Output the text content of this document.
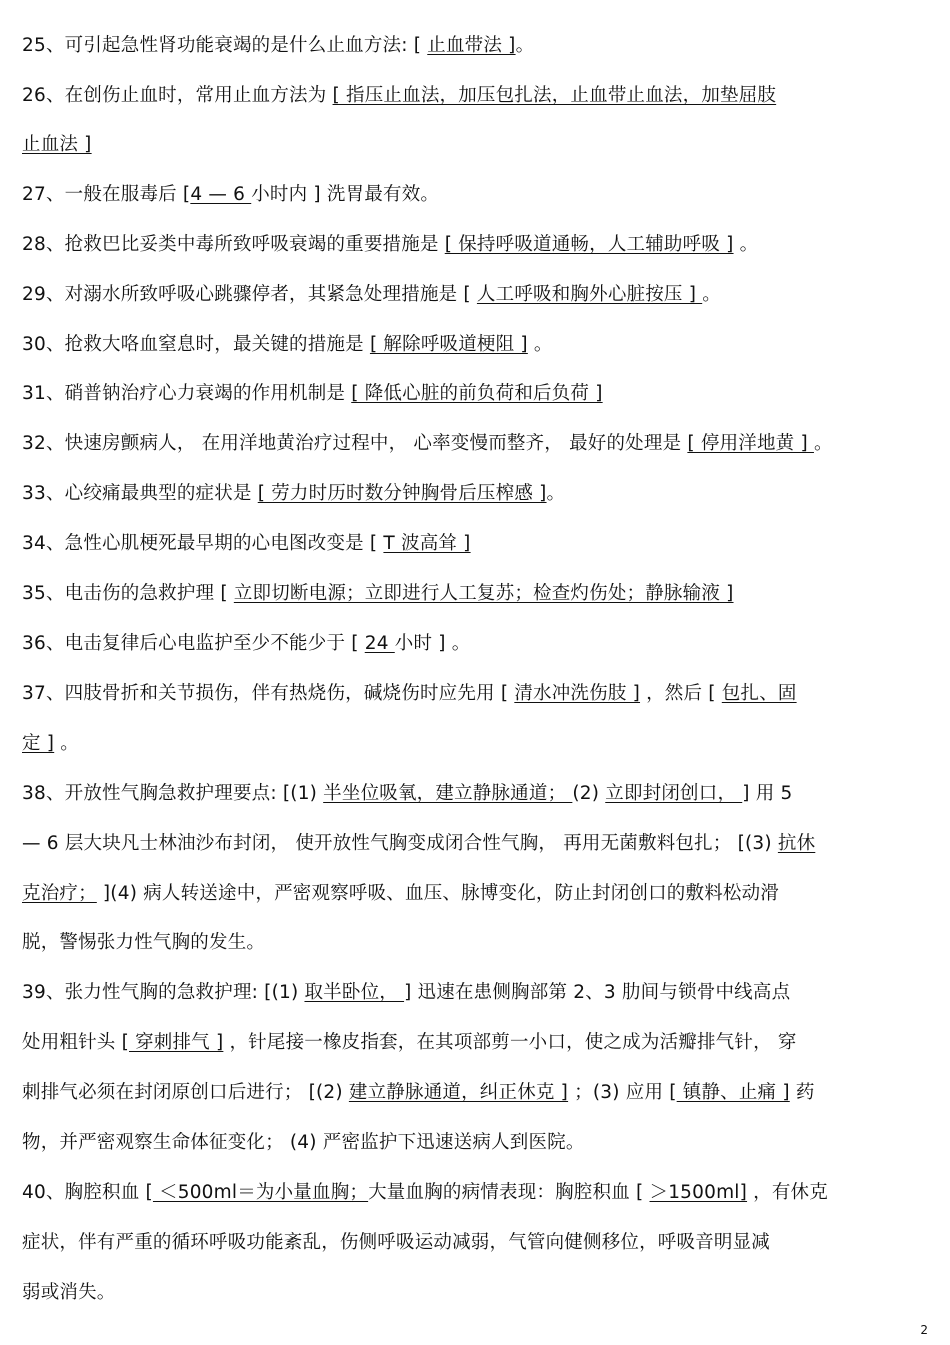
25、可引起急性肾功能衰竭的是什么止血方法: [ 止血带法 ]。
26、在创伤止血时，常用止血方法为 [ 指压止血法，加压包扎法，止血带止血法，加垫屈肢
止血法 ]
27、一般在服毒后 [4 — 6 小时内 ] 洗胃最有效。
28、抢救巴比妥类中毒所致呼吸衰竭的重要措施是 [ 保持呼吸道通畅，人工辅助呼吸 ] 。
29、对溺水所致呼吸心跳骤停者，其紧急处理措施是 [ 人工呼吸和胸外心脏按压 ] 。
30、抢救大咯血窒息时，最关键的措施是 [ 解除呼吸道梗阻 ] 。
31、硝普钠治疗心力衰竭的作用机制是 [ 降低心脏的前负荷和后负荷 ]
32、快速房颤病人， 在用洋地黄治疗过程中， 心率变慢而整齐， 最好的处理是 [ 停用洋地黄 ] 。
33、心绞痛最典型的症状是 [ 劳力时历时数分钟胸骨后压榨感 ]。
34、急性心肌梗死最早期的心电图改变是 [ T 波高耸 ]
35、电击伤的急救护理 [ 立即切断电源；立即进行人工复苏；检查灼伤处；静脉输液 ]
36、电击复律后心电监护至少不能少于 [ 24 小时 ] 。
37、四肢骨折和关节损伤，伴有热烧伤，碱烧伤时应先用 [ 清水冲洗伤肢 ] ，然后 [ 包扎、固
定 ] 。
38、开放性气胸急救护理要点: [(1) 半坐位吸氧，建立静脉通道； (2) 立即封闭创口， ] 用 5
— 6 层大块凡士林油沙布封闭， 使开放性气胸变成闭合性气胸， 再用无菌敷料包扎； [(3) 抗休
克治疗； ](4) 病人转送途中，严密观察呼吸、血压、脉博变化，防止封闭创口的敷料松动滑
脱，警惕张力性气胸的发生。
39、张力性气胸的急救护理: [(1) 取半卧位， ] 迅速在患侧胸部第 2、3 肋间与锁骨中线高点
处用粗针头 [ 穿刺排气 ] ，针尾接一橡皮指套，在其项部剪一小口，使之成为活瓣排气针， 穿
刺排气必须在封闭原创口后进行； [(2) 建立静脉通道，纠正休克 ] ；(3) 应用 [ 镇静、止痛 ] 药
物，并严密观察生命体征变化； (4) 严密监护下迅速送病人到医院。
40、胸腔积血 [ ＜500ml＝为小量血胸；大量血胸的病情表现：胸腔积血 [ ＞1500ml] ，有休克
症状，伴有严重的循环呼吸功能紊乱，伤侧呼吸运动减弱，气管向健侧移位，呼吸音明显减
弱或消失。
2
